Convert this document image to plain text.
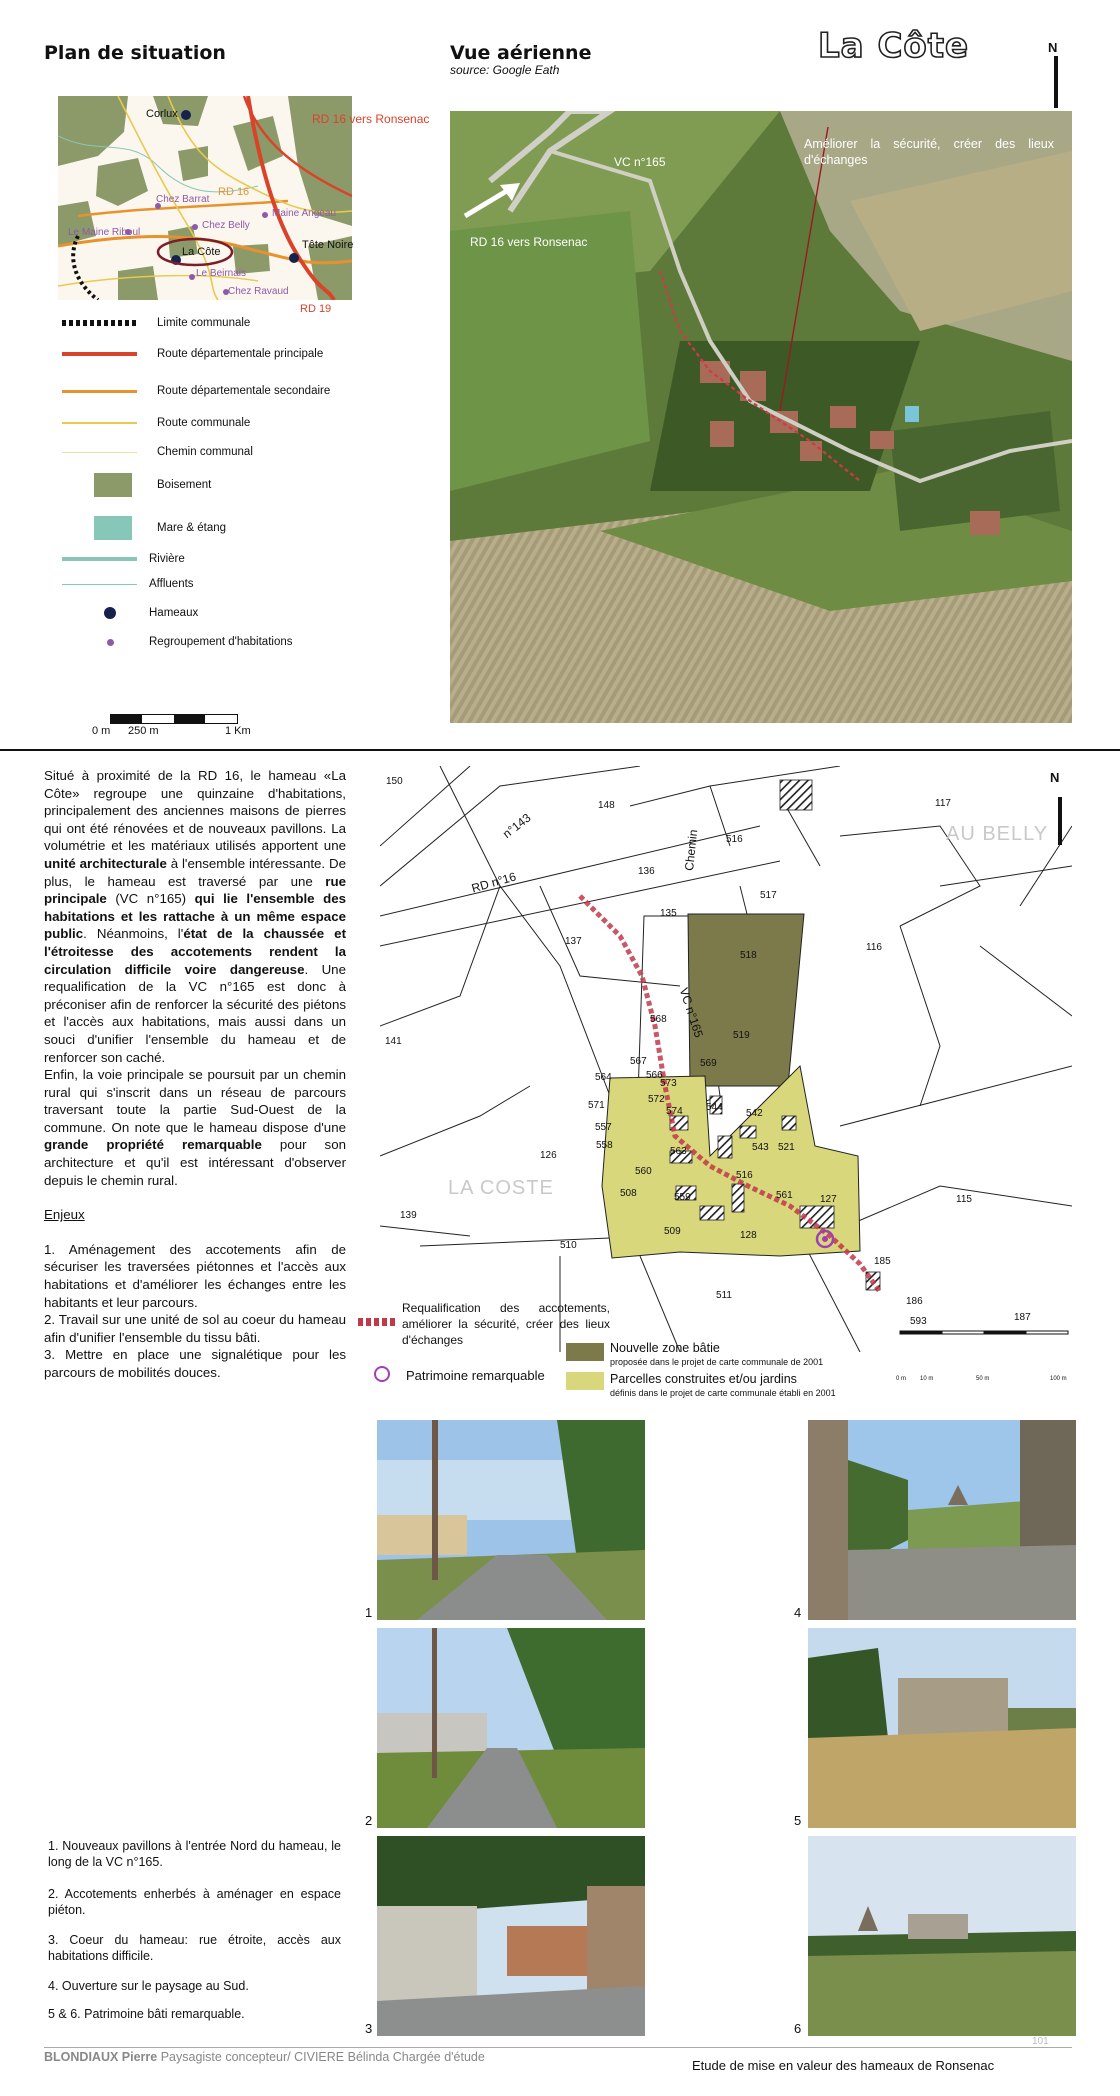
Plan de situation	Vue aérienne
source: Google Eath
La Côte	N
Corlux	RD 16 vers Ronsenac
Chez Barrat
RD 16
Maine Angeau
Le Maine Riboul
Chez Belly
La Côte
Tête Noire
Le Beirnais
Chez Ravaud
RD 19
Limite communale
Route départementale principale
Route départementale secondaire
Route communale
Chemin communal
Boisement
Mare & étang
Rivière
Affluents
Hameaux
Regroupement d'habitations
0 m 250 m	1 Km
VC n°165
RD 16 vers Ronsenac
Améliorer la sécurité, créer des lieux d'échanges

Situé à proximité de la RD 16, le hameau «La Côte» regroupe une quinzaine d'habitations, principalement des anciennes maisons de pierres qui ont été rénovées et de nouveaux pavillons. La volumétrie et les matériaux utilisés apportent une unité architecturale à l'ensemble intéressante. De plus, le hameau est traversé par une rue principale (VC n°165) qui lie l'ensemble des habitations et les rattache à un même espace public. Néanmoins, l'état de la chaussée et l'étroitesse des accotements rendent la circulation difficile voire dangereuse. Une requalification de la VC n°165 est donc à préconiser afin de renforcer la sécurité des piétons et l'accès aux habitations, mais aussi dans un souci d'unifier l'ensemble du hameau et de renforcer son caché.

Enfin, la voie principale se poursuit par un chemin rural qui s'inscrit dans un réseau de parcours traversant toute la partie Sud-Ouest de la commune. On note que le hameau dispose d'une grande propriété remarquable pour son architecture et qu'il est intéressant d'observer depuis le chemin rural.

Enjeux

1. Aménagement des accotements afin de sécuriser les traversées piétonnes et l'accès aux habitations et d'améliorer les échanges entre les habitants et leur parcours.

2. Travail sur une unité de sol au coeur du hameau afin d'unifier l'ensemble du tissu bâti.

3. Mettre en place une signalétique pour les parcours de mobilités douces.

AU BELLY
LA COSTE
RD n°16
n°143
Chemin
VC n°165
N
150
148
516
117
136
135
517
137
518
116
141
568
519
569
567
566
564
573
571
572
574 544
542
557
563
558	543 521
560	516
126
508	559	561	127	115
139
509	128
510
185
511
186
593	187
Requalification des accotements, améliorer la sécurité, créer des lieux d'échanges
Nouvelle zone bâtie
proposée dans le projet de carte communale de 2001
Patrimoine remarquable	Parcelles construites et/ou jardins
définis dans le projet de carte communale établi en 2001
0 m 10 m	50 m	100 m
1
2
3
4
5
6
1. Nouveaux pavillons à l'entrée Nord du hameau, le long de la VC n°165.
2. Accotements enherbés à aménager en espace piéton.
3. Coeur du hameau: rue étroite, accès aux habitations difficile.
4. Ouverture sur le paysage au Sud.
5 & 6. Patrimoine bâti remarquable.
BLONDIAUX Pierre Paysagiste concepteur/ CIVIERE Bélinda Chargée d'étude
101
Etude de mise en valeur des hameaux de Ronsenac
